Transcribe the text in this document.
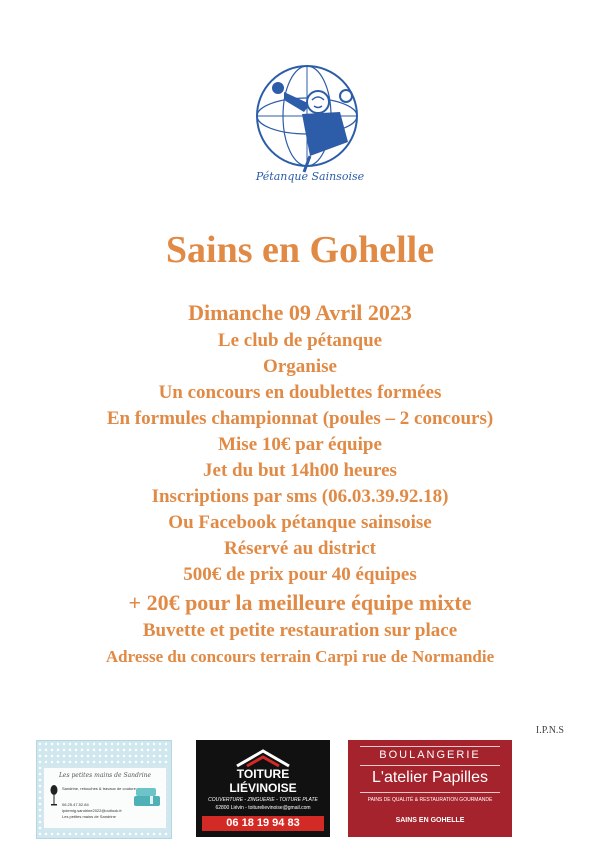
Pétanque Sainsoise
Sains en Gohelle
Dimanche 09 Avril 2023
Le club de pétanque
Organise
Un concours en doublettes formées
En formules championnat (poules – 2 concours)
Mise 10€ par équipe
Jet du but 14h00 heures
Inscriptions par sms (06.03.39.92.18)
Ou Facebook pétanque sainsoise
Réservé au district
500€ de prix pour 40 équipes
+ 20€ pour la meilleure équipe mixte
Buvette et petite restauration sur place
Adresse du concours terrain Carpi rue de Normandie
I.P.N.S
Les petites mains de Sandrine
Sandrine, retouches & travaux de couture
06.25.47.52.84
lpdemig.sandrine2022@outlook.fr
Les petites mains de Sandrine
TOITURE
LIÉVINOISE
COUVERTURE - ZINGUERIE - TOITURE PLATE
62800 Liévin - toiturelievinoise@gmail.com
06 18 19 94 83
BOULANGERIE
L'atelier Papilles
PAINS DE QUALITÉ & RESTAURATION GOURMANDE
SAINS EN GOHELLE
